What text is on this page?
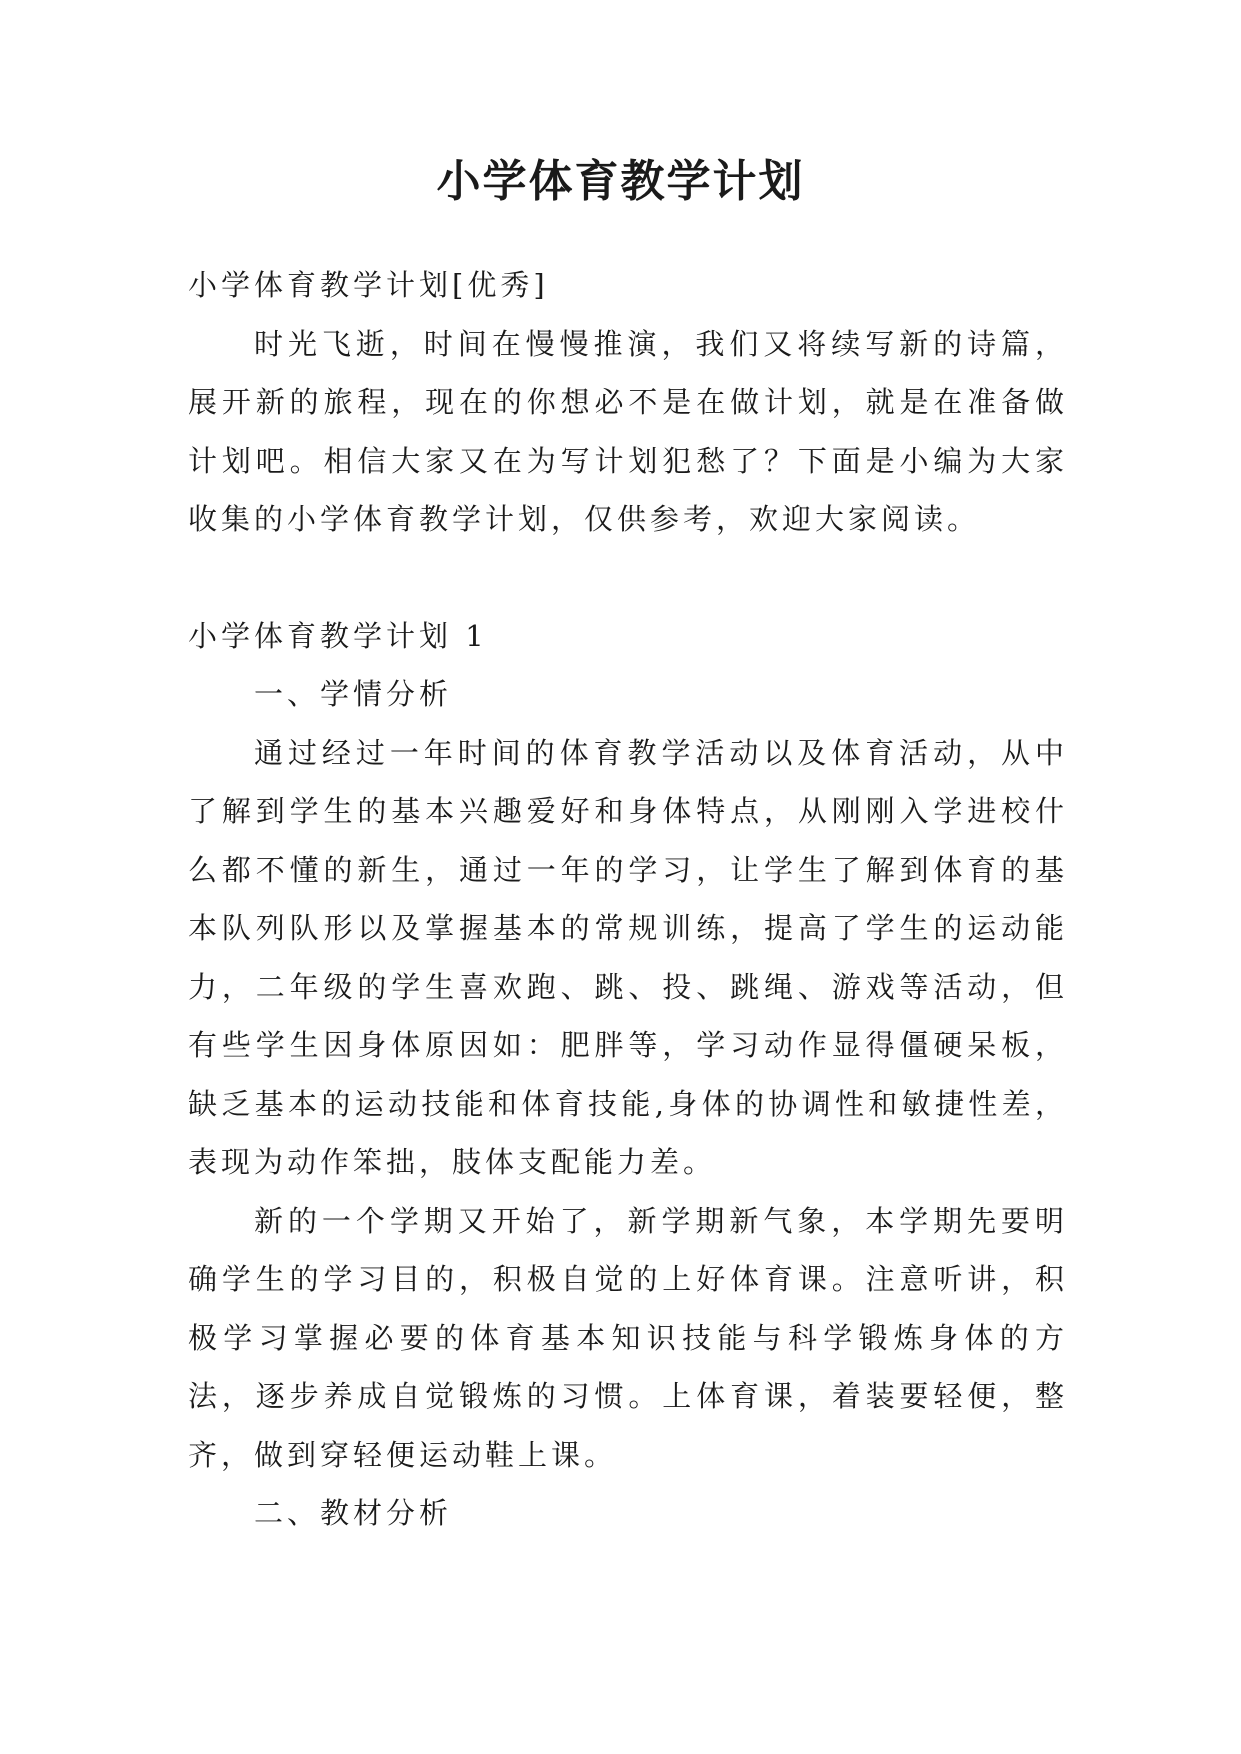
小学体育教学计划

小学体育教学计划[优秀]

时光飞逝，时间在慢慢推演，我们又将续写新的诗篇，展开新的旅程，现在的你想必不是在做计划，就是在准备做计划吧。相信大家又在为写计划犯愁了？下面是小编为大家收集的小学体育教学计划，仅供参考，欢迎大家阅读。

小学体育教学计划 1

一、学情分析

通过经过一年时间的体育教学活动以及体育活动，从中了解到学生的基本兴趣爱好和身体特点，从刚刚入学进校什么都不懂的新生，通过一年的学习，让学生了解到体育的基本队列队形以及掌握基本的常规训练，提高了学生的运动能力，二年级的学生喜欢跑、跳、投、跳绳、游戏等活动，但有些学生因身体原因如：肥胖等，学习动作显得僵硬呆板，缺乏基本的运动技能和体育技能,身体的协调性和敏捷性差，表现为动作笨拙，肢体支配能力差。

新的一个学期又开始了，新学期新气象，本学期先要明确学生的学习目的，积极自觉的上好体育课。注意听讲，积极学习掌握必要的体育基本知识技能与科学锻炼身体的方法，逐步养成自觉锻炼的习惯。上体育课，着装要轻便，整齐，做到穿轻便运动鞋上课。

二、教材分析
